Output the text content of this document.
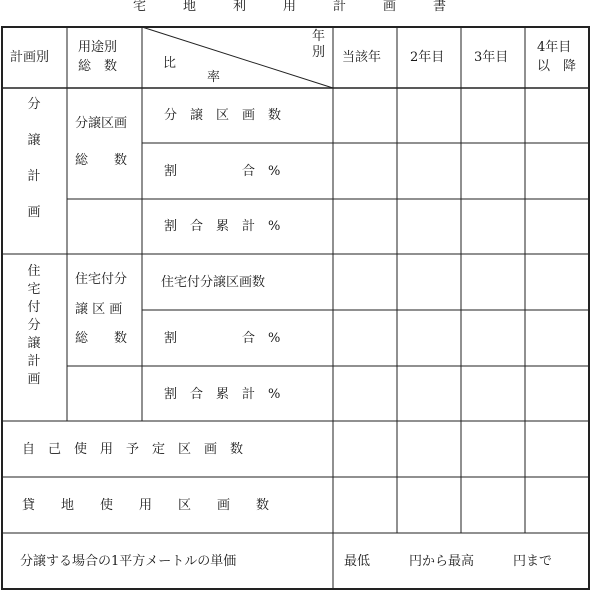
宅　地　利　用　計　画　書
計画別
用途別
総　数	比
率
年
別 当該年 2年目 3年目
4年目
以　降
分
譲
計
画
分譲区画
総　　数
分　譲　区　画　数
割　　　　　合　%
割　合　累　計　%
住
宅
付
分
譲
計
画
住宅付分
譲 区 画
総　　数
住宅付分譲区画数
割　　　　　合　%
割　合　累　計　%
自　己　使　用　予　定　区　画　数
貸　　地　　使　　用　　区　　画　　数
分譲する場合の1平方メートルの単価	最低　　　円から最高　　　円まで
